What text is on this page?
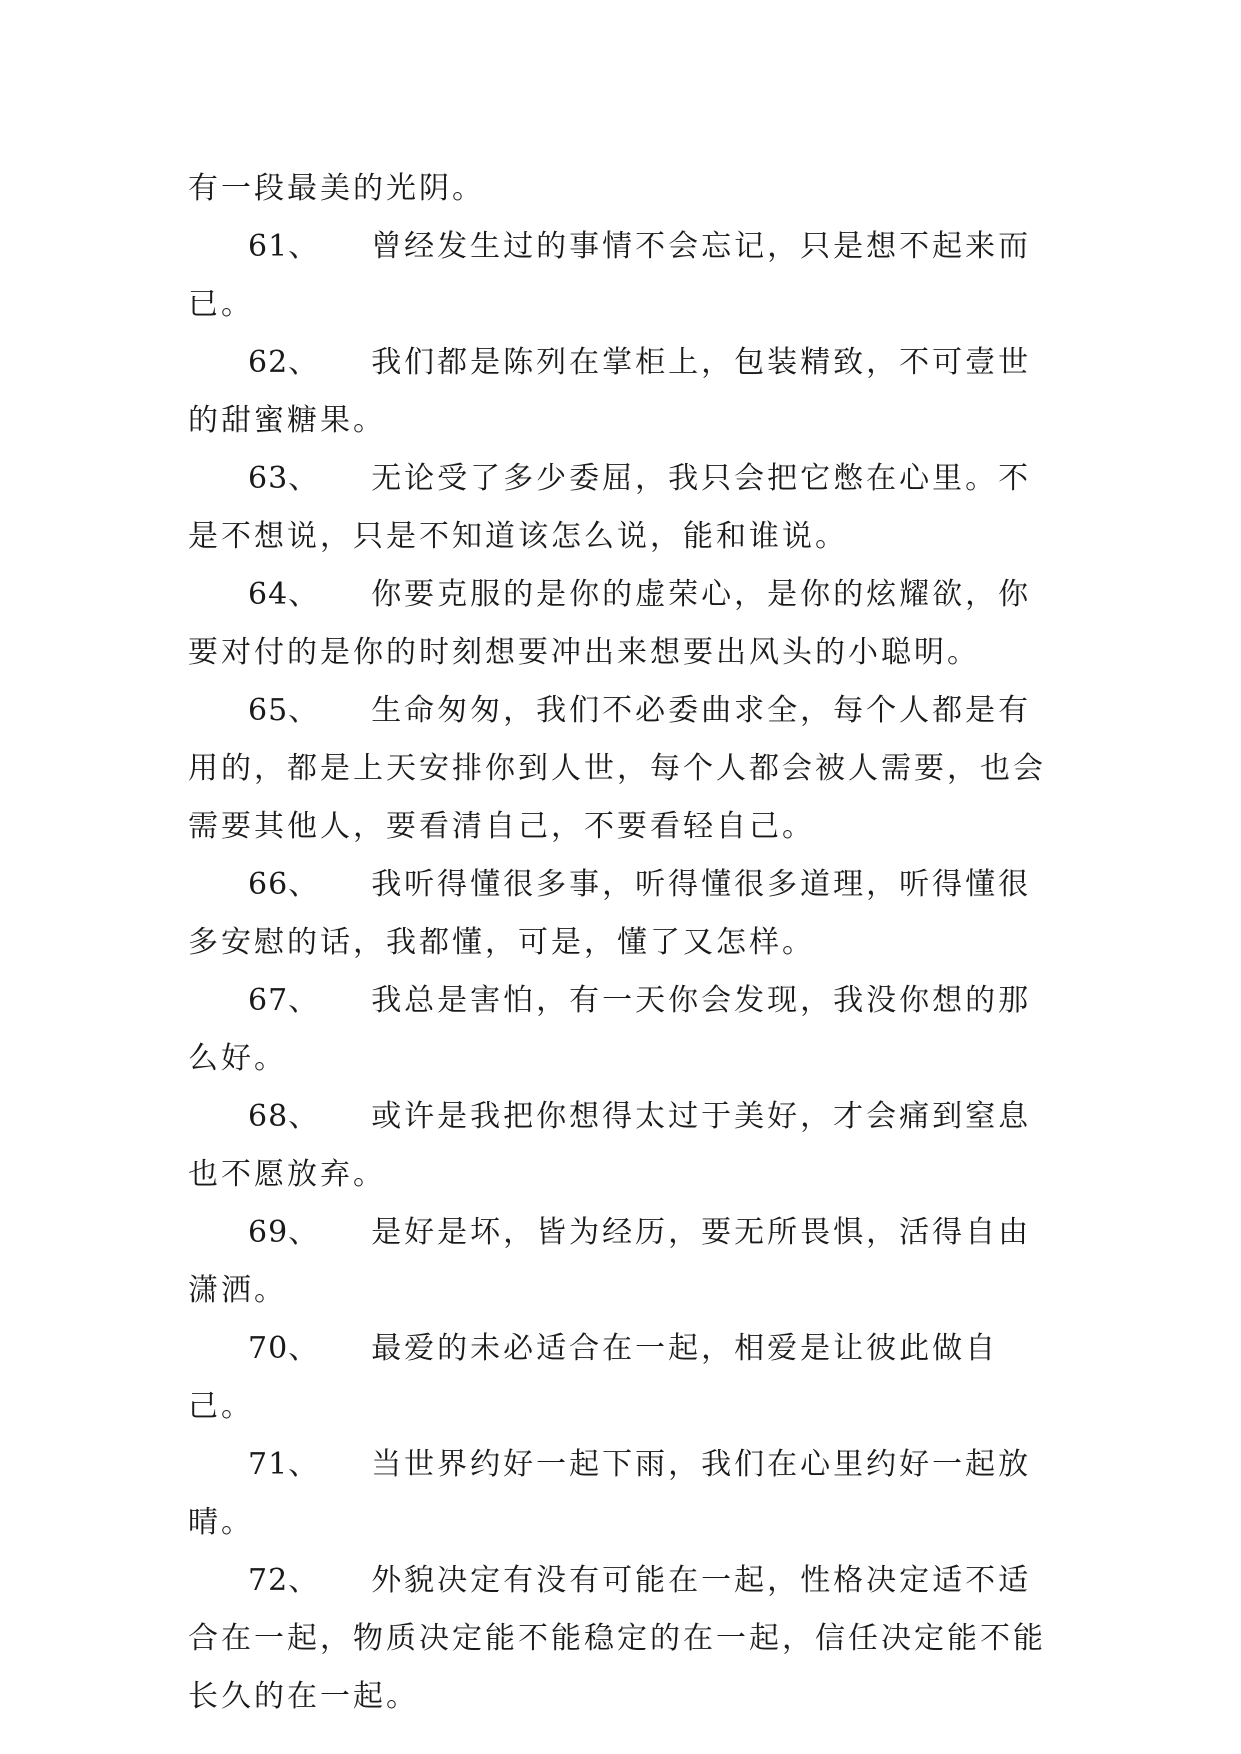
有一段最美的光阴。

61、 曾经发生过的事情不会忘记，只是想不起来而已。

62、 我们都是陈列在掌柜上，包装精致，不可壹世的甜蜜糖果。

63、 无论受了多少委屈，我只会把它憋在心里。不是不想说，只是不知道该怎么说，能和谁说。

64、 你要克服的是你的虚荣心，是你的炫耀欲，你要对付的是你的时刻想要冲出来想要出风头的小聪明。

65、 生命匆匆，我们不必委曲求全，每个人都是有用的，都是上天安排你到人世，每个人都会被人需要，也会需要其他人，要看清自己，不要看轻自己。

66、 我听得懂很多事，听得懂很多道理，听得懂很多安慰的话，我都懂，可是，懂了又怎样。

67、 我总是害怕，有一天你会发现，我没你想的那么好。

68、 或许是我把你想得太过于美好，才会痛到窒息也不愿放弃。

69、 是好是坏，皆为经历，要无所畏惧，活得自由潇洒。

70、 最爱的未必适合在一起，相爱是让彼此做自己。

71、 当世界约好一起下雨，我们在心里约好一起放晴。

72、 外貌决定有没有可能在一起，性格决定适不适合在一起，物质决定能不能稳定的在一起，信任决定能不能长久的在一起。
